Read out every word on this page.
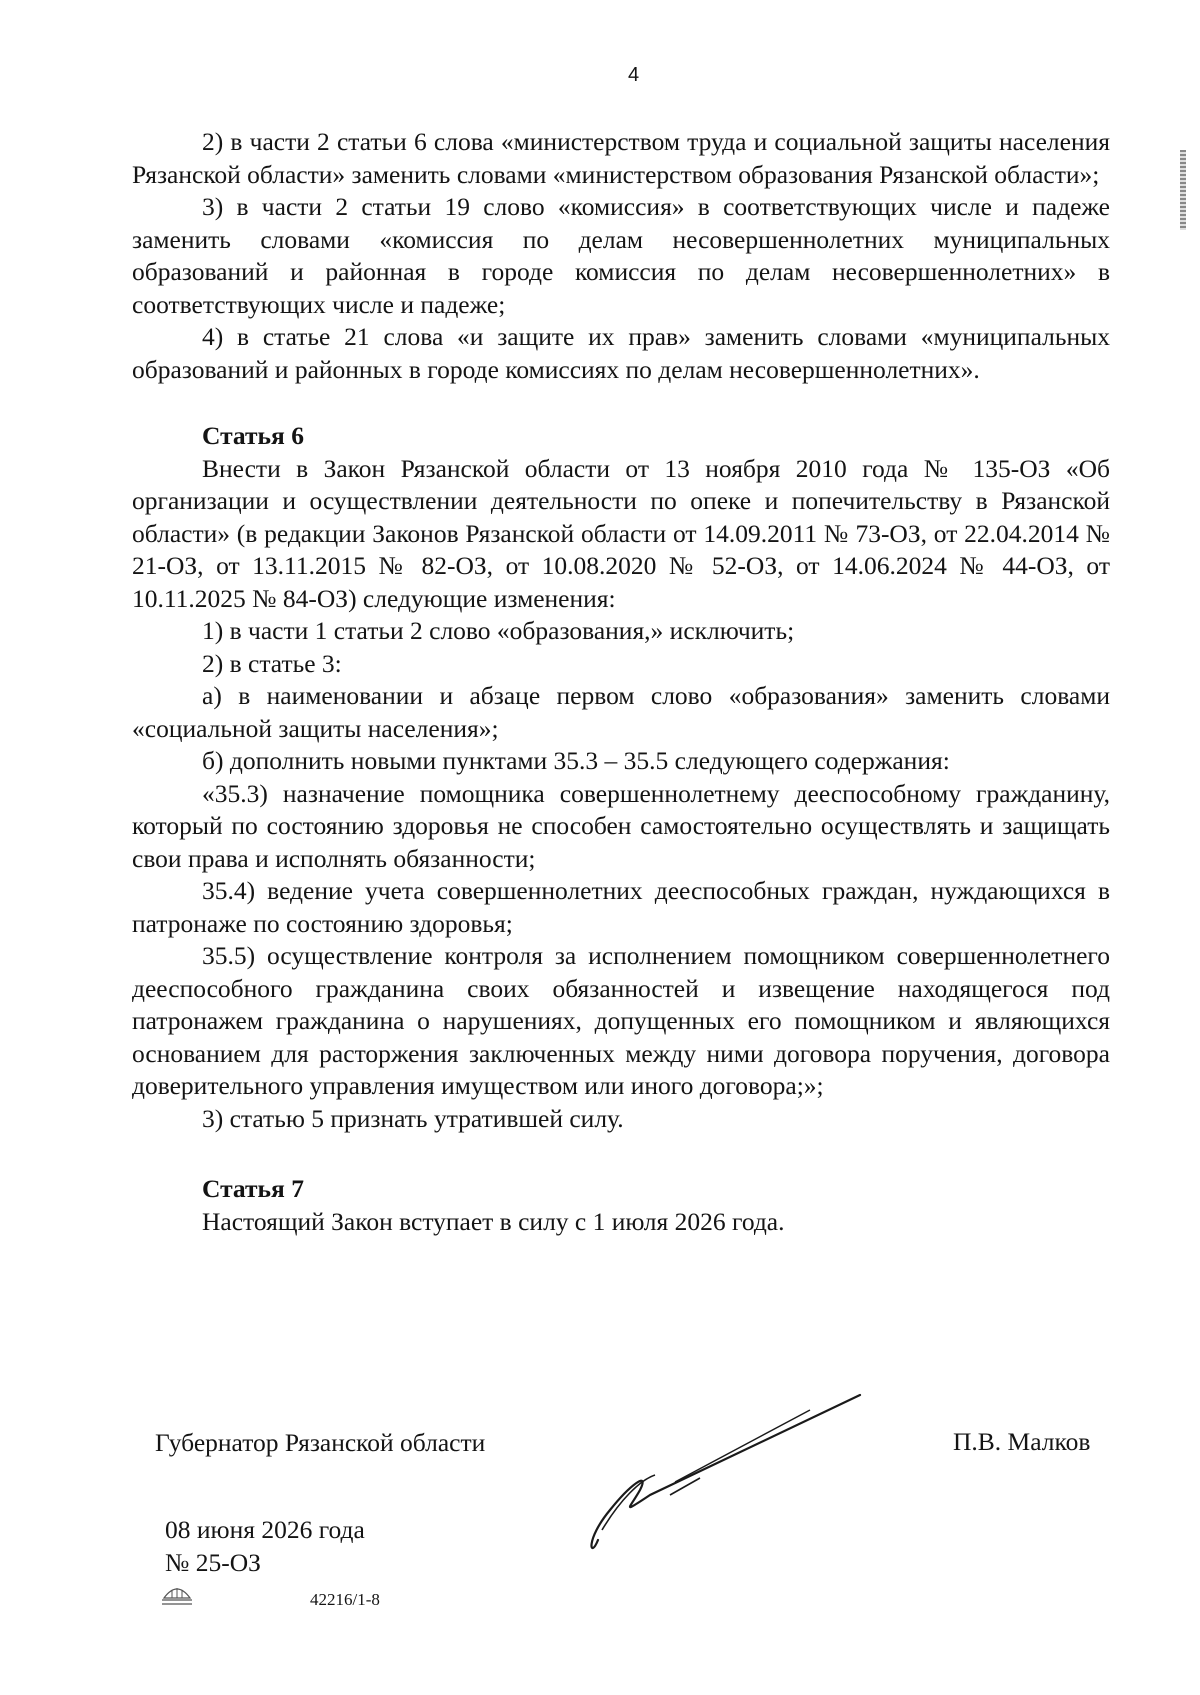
4

2) в части 2 статьи 6 слова «министерством труда и социальной защиты населения Рязанской области» заменить словами «министерством образования Рязанской области»;

3) в части 2 статьи 19 слово «комиссия» в соответствующих числе и падеже заменить словами «комиссия по делам несовершеннолетних муниципальных образований и районная в городе комиссия по делам несовершеннолетних» в соответствующих числе и падеже;

4) в статье 21 слова «и защите их прав» заменить словами «муниципальных образований и районных в городе комиссиях по делам несовершеннолетних».

Статья 6

Внести в Закон Рязанской области от 13 ноября 2010 года № 135-ОЗ «Об организации и осуществлении деятельности по опеке и попечительству в Рязанской области» (в редакции Законов Рязанской области от 14.09.2011 № 73-ОЗ, от 22.04.2014 № 21-ОЗ, от 13.11.2015 № 82-ОЗ, от 10.08.2020 № 52-ОЗ, от 14.06.2024 № 44-ОЗ, от 10.11.2025 № 84-ОЗ) следующие изменения:

1) в части 1 статьи 2 слово «образования,» исключить;

2) в статье 3:

а) в наименовании и абзаце первом слово «образования» заменить словами «социальной защиты населения»;

б) дополнить новыми пунктами 35.3 – 35.5 следующего содержания:

«35.3) назначение помощника совершеннолетнему дееспособному гражданину, который по состоянию здоровья не способен самостоятельно осуществлять и защищать свои права и исполнять обязанности;

35.4) ведение учета совершеннолетних дееспособных граждан, нуждающихся в патронаже по состоянию здоровья;

35.5) осуществление контроля за исполнением помощником совершеннолетнего дееспособного гражданина своих обязанностей и извещение находящегося под патронажем гражданина о нарушениях, допущенных его помощником и являющихся основанием для расторжения заключенных между ними договора поручения, договора доверительного управления имуществом или иного договора;»;

3) статью 5 признать утратившей силу.

Статья 7

Настоящий Закон вступает в силу с 1 июля 2026 года.

Губернатор Рязанской области	П.В. Малков
08 июня 2026 года
№ 25-ОЗ
42216/1-8
